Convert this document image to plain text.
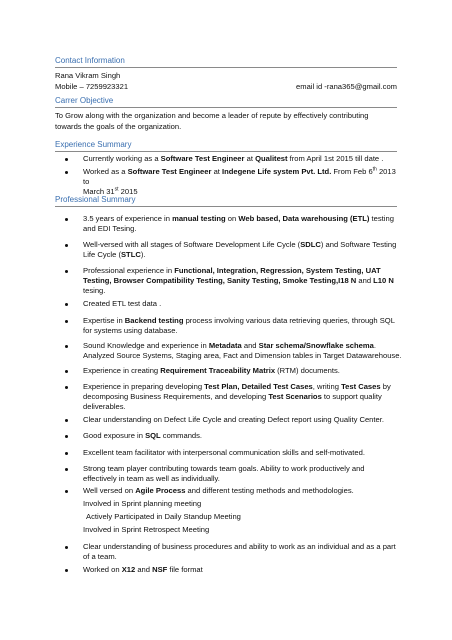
Contact Information
Rana Vikram Singh
Mobile – 7259923321	email id -rana365@gmail.com
Carrer Objective
To Grow along with the organization and become a leader of repute by effectively contributing
towards the goals of the organization.
Experience Summary
Currently working as a Software Test Engineer at Qualitest from April 1st 2015 till date .
Worked as a Software Test Engineer at Indegene Life system Pvt. Ltd. From Feb 6th 2013 to
March 31st 2015
Professional Summary
3.5 years of experience in manual testing on Web based, Data warehousing (ETL) testing
and EDI Tesing.
Well-versed with all stages of Software Development Life Cycle (SDLC) and Software Testing
Life Cycle (STLC).
Professional experience in Functional, Integration, Regression, System Testing, UAT
Testing, Browser Compatibility Testing, Sanity Testing, Smoke Testing,I18 N and L10 N
tesing.
Created ETL test data .
Expertise in Backend testing process involving various data retrieving queries, through SQL
for systems using database.
Sound Knowledge and experience in Metadata and Star schema/Snowflake schema.
Analyzed Source Systems, Staging area, Fact and Dimension tables in Target Datawarehouse.
Experience in creating Requirement Traceability Matrix (RTM) documents.
Experience in preparing developing Test Plan, Detailed Test Cases, writing Test Cases by
decomposing Business Requirements, and developing Test Scenarios to support quality
deliverables.
Clear understanding on Defect Life Cycle and creating Defect report using Quality Center.
Good exposure in SQL commands.
Excellent team facilitator with interpersonal communication skills and self-motivated.
Strong team player contributing towards team goals. Ability to work productively and
effectively in team as well as individually.
Well versed on Agile Process and different testing methods and methodologies.
Involved in Sprint planning meeting
Actively Participated in Daily Standup Meeting
Involved in Sprint Retrospect Meeting
Clear understanding of business procedures and ability to work as an individual and as a part
of a team.
Worked on X12 and NSF file format
